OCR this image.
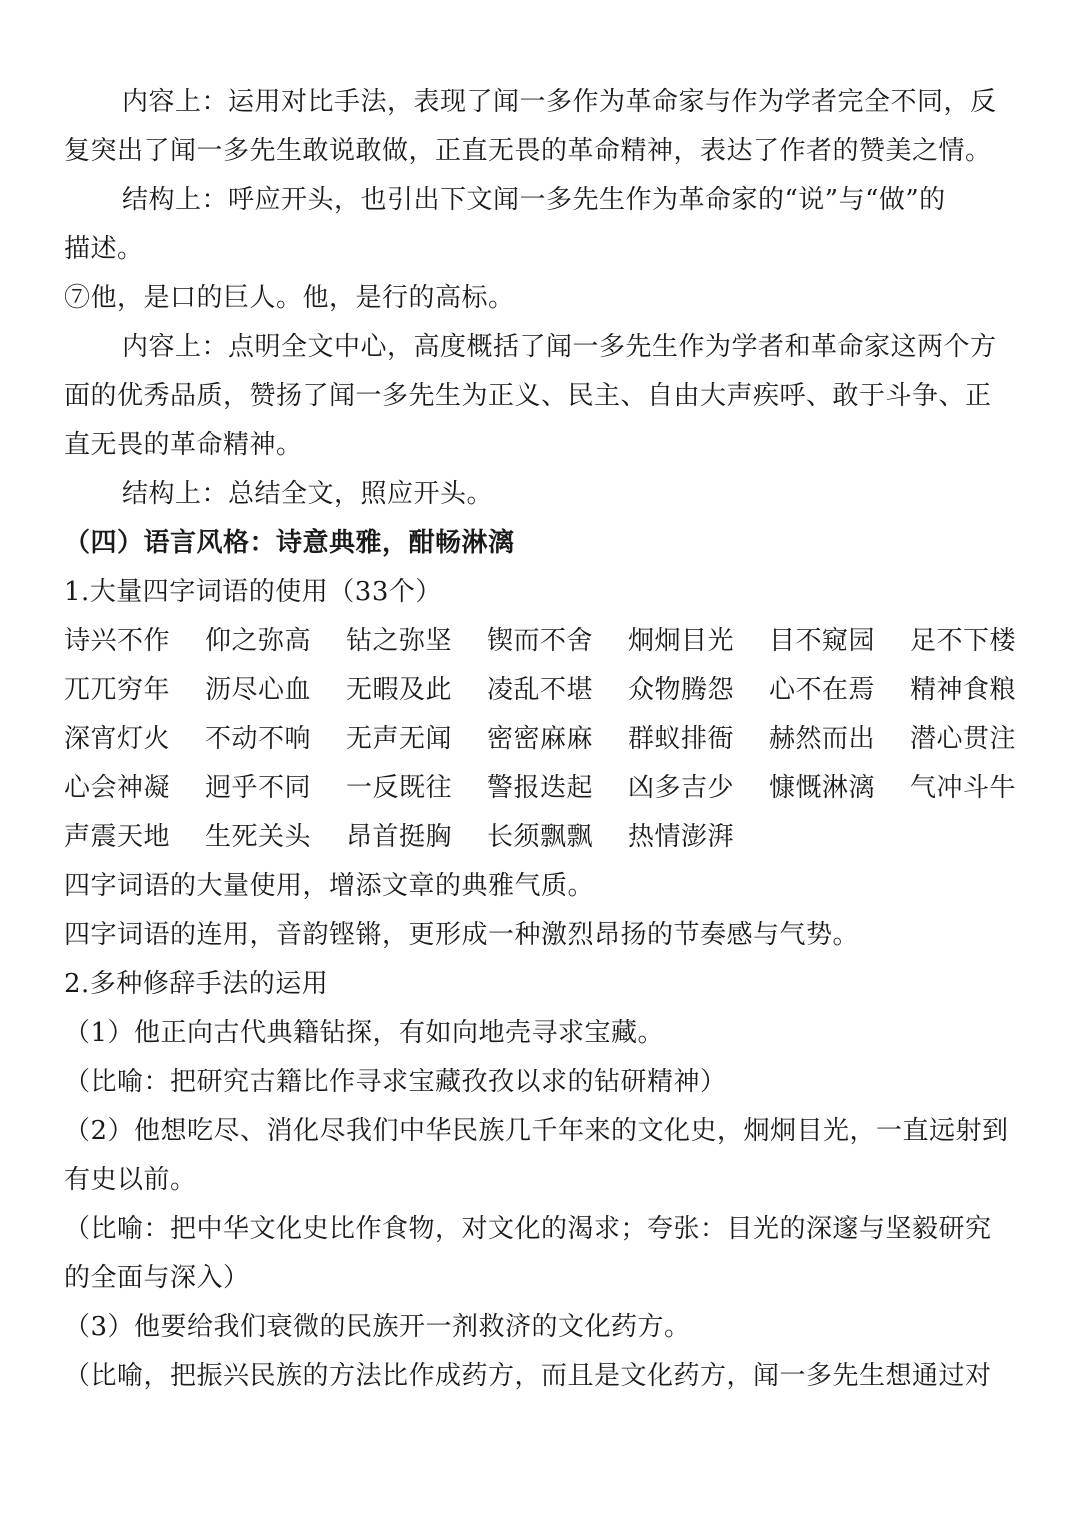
内容上：运用对比手法，表现了闻一多作为革命家与作为学者完全不同，反
复突出了闻一多先生敢说敢做，正直无畏的革命精神，表达了作者的赞美之情。
结构上：呼应开头，也引出下文闻一多先生作为革命家的“说”与“做”的
描述。
⑦他，是口的巨人。他，是行的高标。
内容上：点明全文中心，高度概括了闻一多先生作为学者和革命家这两个方
面的优秀品质，赞扬了闻一多先生为正义、民主、自由大声疾呼、敢于斗争、正
直无畏的革命精神。
结构上：总结全文，照应开头。
（四）语言风格：诗意典雅，酣畅淋漓
1.大量四字词语的使用（33个）
诗兴不作	仰之弥高	钻之弥坚	锲而不舍	炯炯目光	目不窥园	足不下楼
兀兀穷年	沥尽心血	无暇及此	凌乱不堪	众物腾怨	心不在焉	精神食粮
深宵灯火	不动不响	无声无闻	密密麻麻	群蚁排衙	赫然而出	潜心贯注
心会神凝	迥乎不同	一反既往	警报迭起	凶多吉少	慷慨淋漓	气冲斗牛
声震天地	生死关头	昂首挺胸	长须飘飘	热情澎湃
四字词语的大量使用，增添文章的典雅气质。
四字词语的连用，音韵铿锵，更形成一种激烈昂扬的节奏感与气势。
2.多种修辞手法的运用
（1）他正向古代典籍钻探，有如向地壳寻求宝藏。
（比喻：把研究古籍比作寻求宝藏孜孜以求的钻研精神）
（2）他想吃尽、消化尽我们中华民族几千年来的文化史，炯炯目光，一直远射到
有史以前。
（比喻：把中华文化史比作食物，对文化的渴求；夸张：目光的深邃与坚毅研究
的全面与深入）
（3）他要给我们衰微的民族开一剂救济的文化药方。
（比喻，把振兴民族的方法比作成药方，而且是文化药方，闻一多先生想通过对
